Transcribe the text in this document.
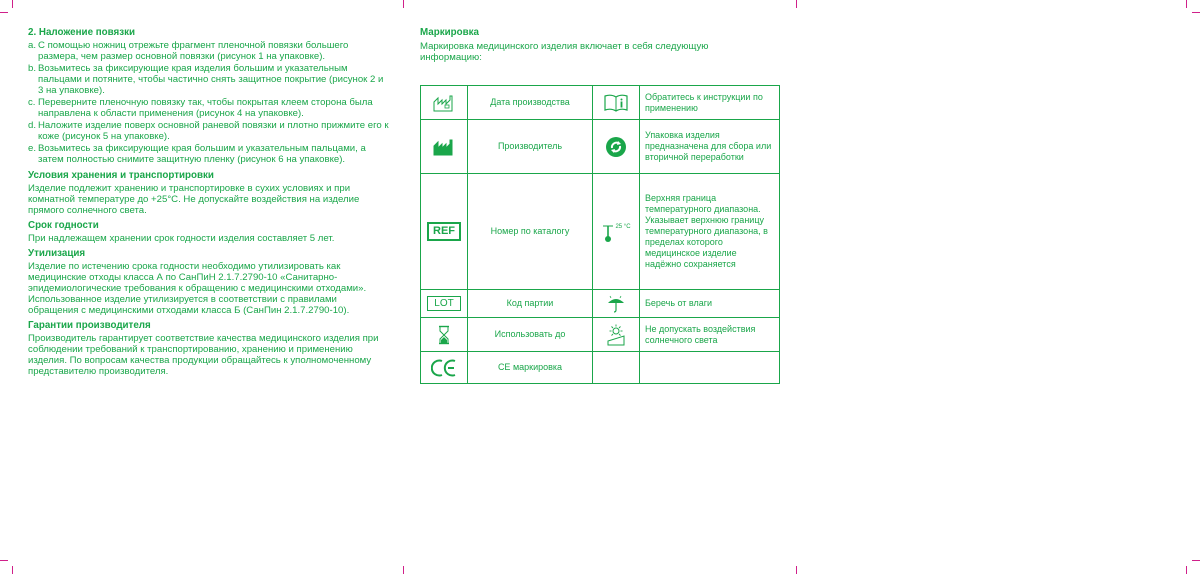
2. Наложение повязки
a. С помощью ножниц отрежьте фрагмент пленочной повязки большего размера, чем размер основной повязки (рисунок 1 на упаковке).
b. Возьмитесь за фиксирующие края изделия большим и указательным пальцами и потяните, чтобы частично снять защитное покрытие (рисунок 2 и 3 на упаковке).
c. Переверните пленочную повязку так, чтобы покрытая клеем сторона была направлена к области применения (рисунок 4 на упаковке).
d. Наложите изделие поверх основной раневой повязки и плотно прижмите его к коже (рисунок 5 на упаковке).
e. Возьмитесь за фиксирующие края большим и указательным пальцами, а затем полностью снимите защитную пленку (рисунок 6 на упаковке).
Условия хранения и транспортировки

Изделие подлежит хранению и транспортировке в сухих условиях и при комнатной температуре до +25°C. Не допускайте воздействия на изделие прямого солнечного света.

Срок годности

При надлежащем хранении срок годности изделия составляет 5 лет.

Утилизация

Изделие по истечению срока годности необходимо утилизировать как медицинские отходы класса А по СанПиН 2.1.7.2790-10 «Санитарно-эпидемиологические требования к обращению с медицинскими отходами».

Использованное изделие утилизируется в соответствии с правилами обращения с медицинскими отходами класса Б (СанПин 2.1.7.2790-10).

Гарантии производителя

Производитель гарантирует соответствие качества медицинского изделия при соблюдении требований к транспортированию, хранению и применению изделия. По вопросам качества продукции обращайтесь к уполномоченному представителю производителя.

Маркировка

Маркировка медицинского изделия включает в себя следующую информацию:

	Дата производства		Обратитесь к инструкции по применению
	Производитель		Упаковка изделия предназначена для сбора или вторичной переработки
REF	Номер по каталогу	$^{25 ^\circ C}$	Верхняя граница температурного диапазона. Указывает верхнюю границу температурного диапазона, в пределах которого медицинское изделие надёжно сохраняется
LOT	Код партии		Беречь от влаги
	Использовать до		Не допускать воздействия солнечного света
	CE маркировка		
